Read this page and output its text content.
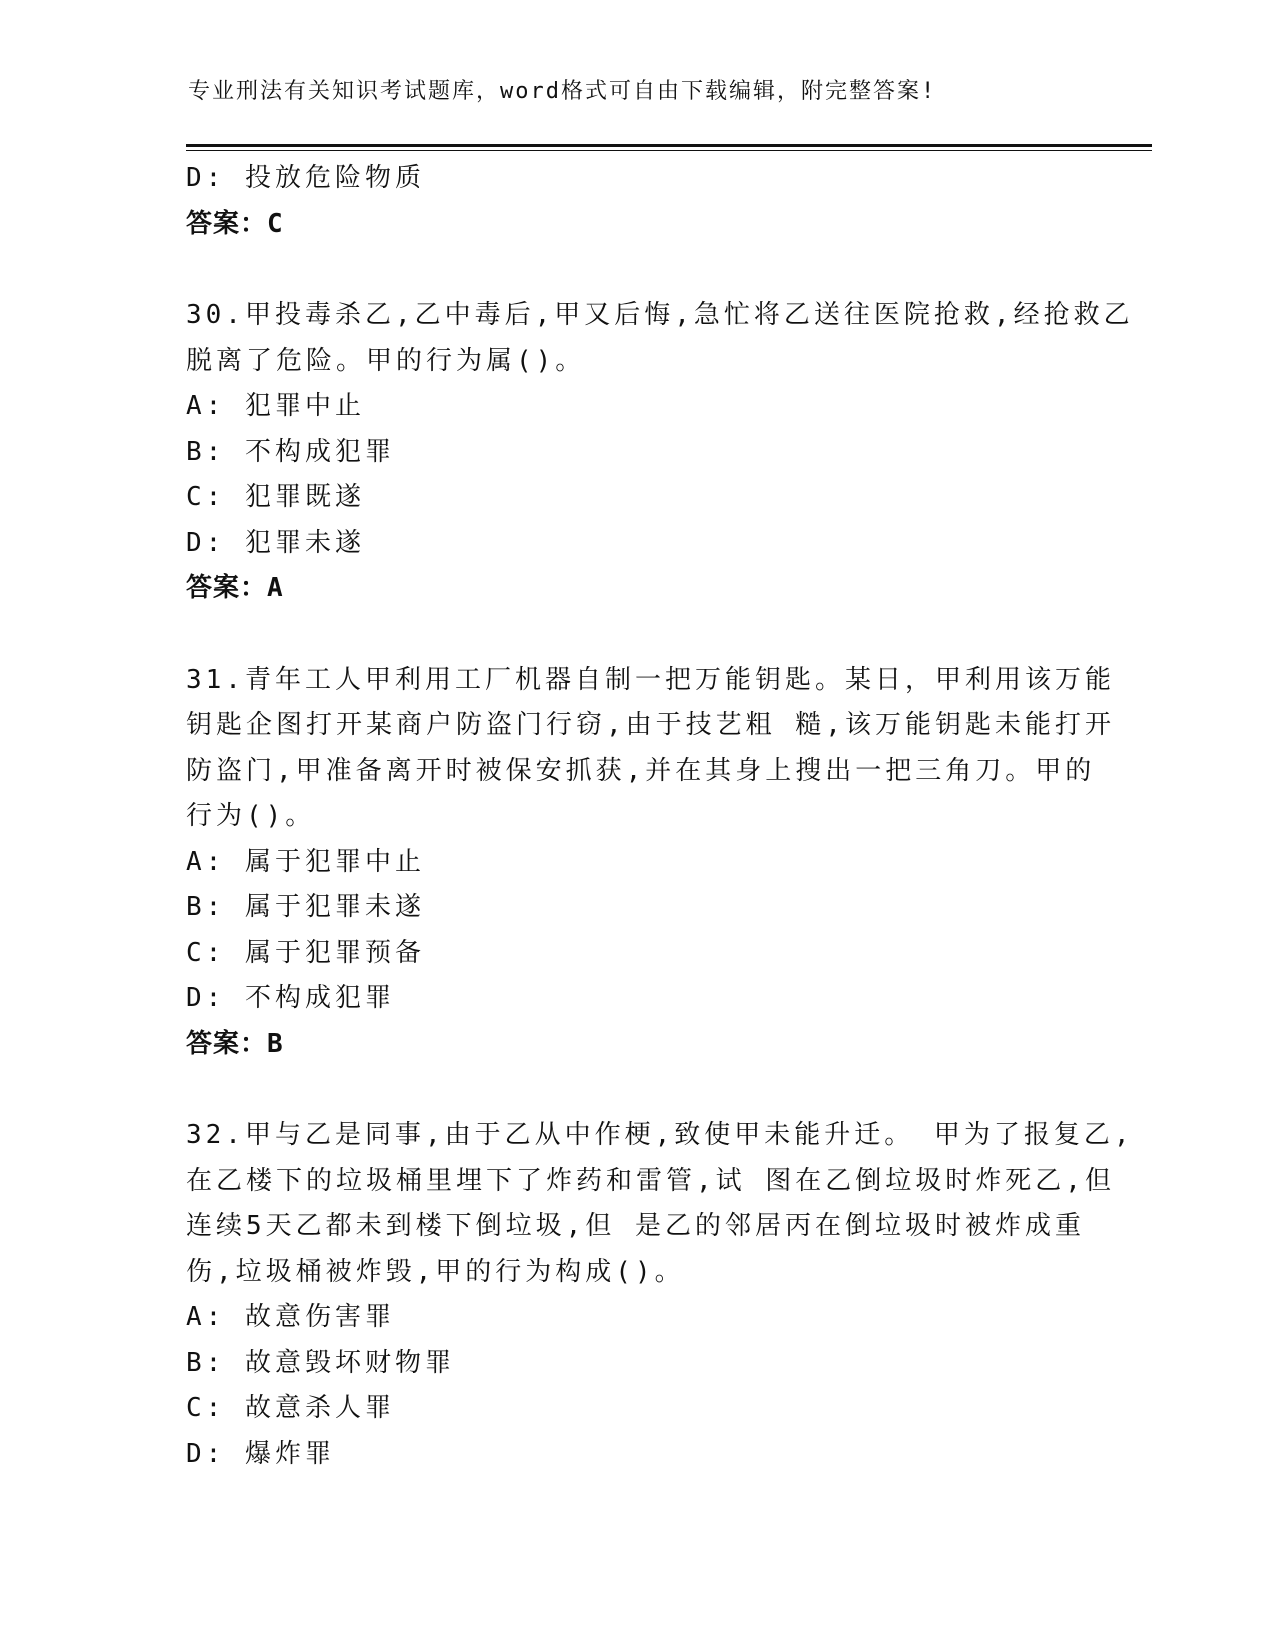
专业刑法有关知识考试题库，word格式可自由下载编辑，附完整答案!
D: 投放危险物质
答案：C
30.甲投毒杀乙,乙中毒后,甲又后悔,急忙将乙送往医院抢救,经抢救乙
脱离了危险。甲的行为属()。
A: 犯罪中止
B: 不构成犯罪
C: 犯罪既遂
D: 犯罪未遂
答案：A
31.青年工人甲利用工厂机器自制一把万能钥匙。某日，甲利用该万能
钥匙企图打开某商户防盗门行窃,由于技艺粗 糙,该万能钥匙未能打开
防盗门,甲准备离开时被保安抓获,并在其身上搜出一把三角刀。甲的
行为()。
A: 属于犯罪中止
B: 属于犯罪未遂
C: 属于犯罪预备
D: 不构成犯罪
答案：B
32.甲与乙是同事,由于乙从中作梗,致使甲未能升迁。 甲为了报复乙,
在乙楼下的垃圾桶里埋下了炸药和雷管,试 图在乙倒垃圾时炸死乙,但
连续5天乙都未到楼下倒垃圾,但 是乙的邻居丙在倒垃圾时被炸成重
伤,垃圾桶被炸毁,甲的行为构成()。
A: 故意伤害罪
B: 故意毁坏财物罪
C: 故意杀人罪
D: 爆炸罪
